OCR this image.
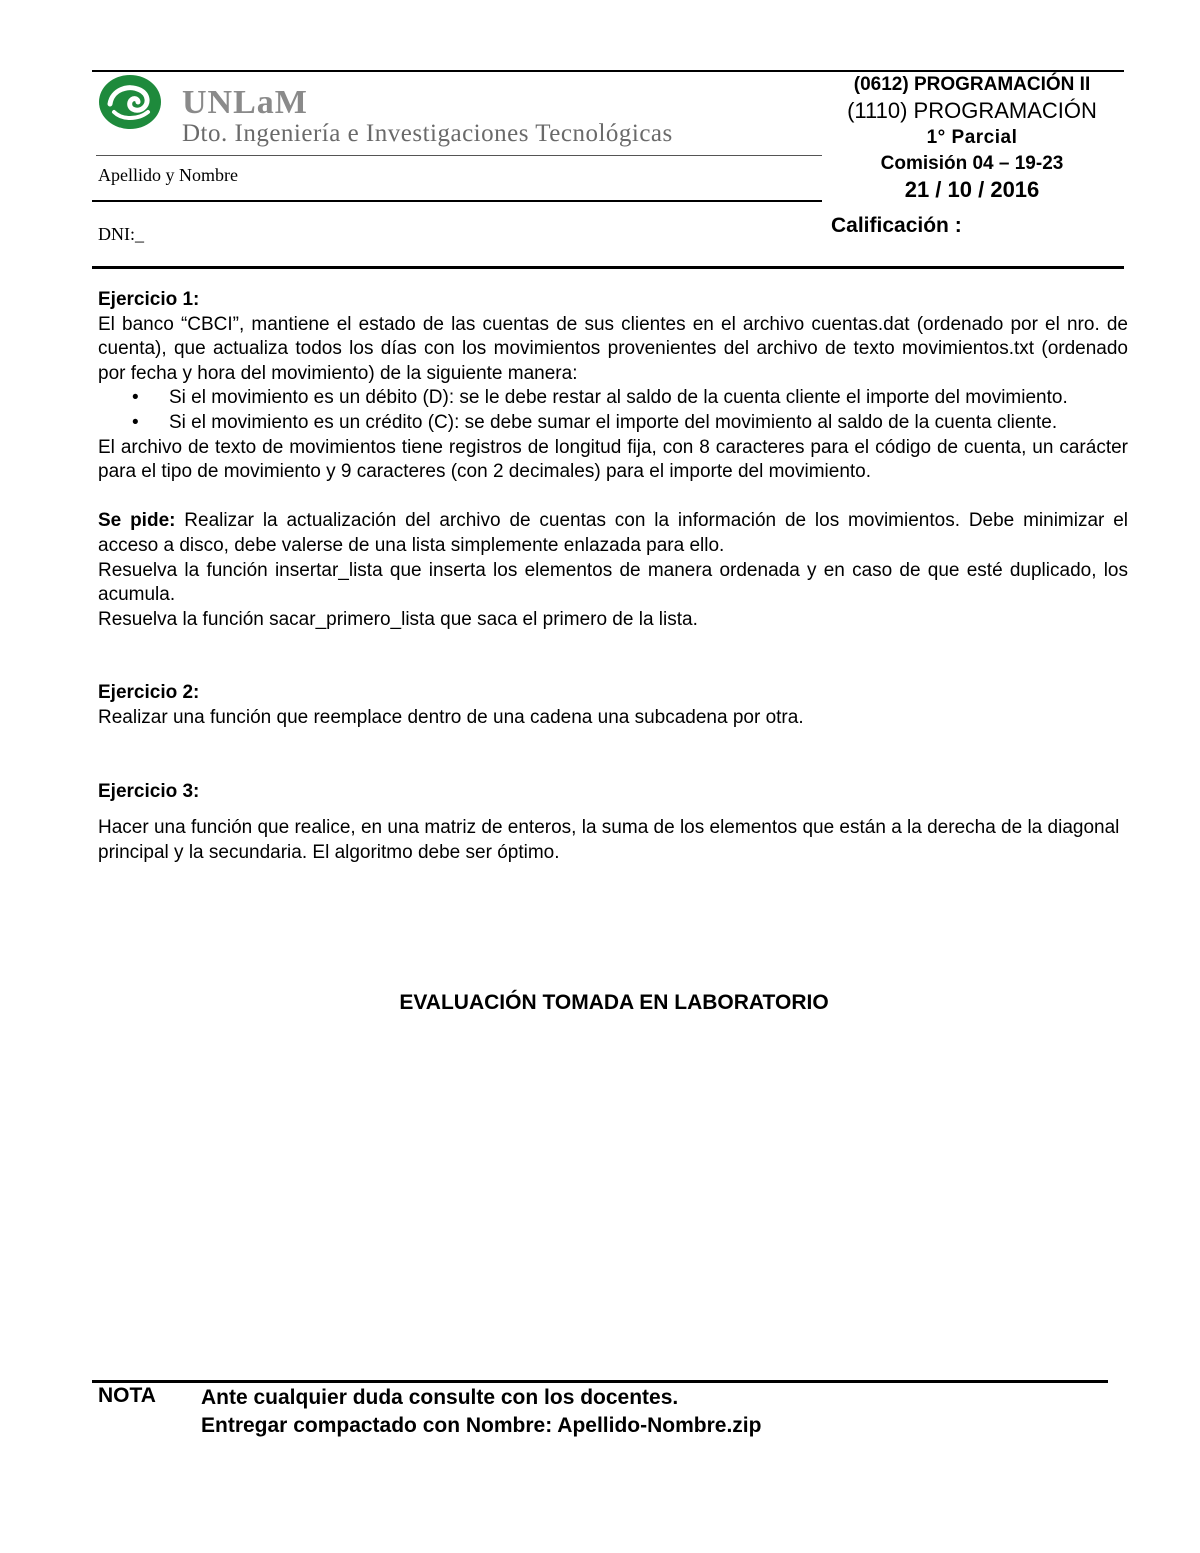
UNLaM
Dto. Ingeniería e Investigaciones Tecnológicas
Apellido y Nombre
DNI:_
(0612) PROGRAMACIÓN II
(1110) PROGRAMACIÓN
1° Parcial
Comisión 04 – 19-23
21 / 10 / 2016
Calificación :

Ejercicio 1:

El banco “CBCI”, mantiene el estado de las cuentas de sus clientes en el archivo cuentas.dat (ordenado por el nro. de cuenta), que actualiza todos los días con los movimientos provenientes del archivo de texto movimientos.txt (ordenado por fecha y hora del movimiento) de la siguiente manera:

• Si el movimiento es un débito (D): se le debe restar al saldo de la cuenta cliente el importe del movimiento.
• Si el movimiento es un crédito (C): se debe sumar el importe del movimiento al saldo de la cuenta cliente.

El archivo de texto de movimientos tiene registros de longitud fija, con 8 caracteres para el código de cuenta, un carácter para el tipo de movimiento y 9 caracteres (con 2 decimales) para el importe del movimiento.

Se pide: Realizar la actualización del archivo de cuentas con la información de los movimientos. Debe minimizar el acceso a disco, debe valerse de una lista simplemente enlazada para ello.

Resuelva la función insertar_lista que inserta los elementos de manera ordenada y en caso de que esté duplicado, los acumula.

Resuelva la función sacar_primero_lista que saca el primero de la lista.

Ejercicio 2:

Realizar una función que reemplace dentro de una cadena una subcadena por otra.

Ejercicio 3:

Hacer una función que realice, en una matriz de enteros, la suma de los elementos que están a la derecha de la diagonal principal y la secundaria. El algoritmo debe ser óptimo.

EVALUACIÓN TOMADA EN LABORATORIO
NOTA Ante cualquier duda consulte con los docentes.
Entregar compactado con Nombre: Apellido-Nombre.zip
